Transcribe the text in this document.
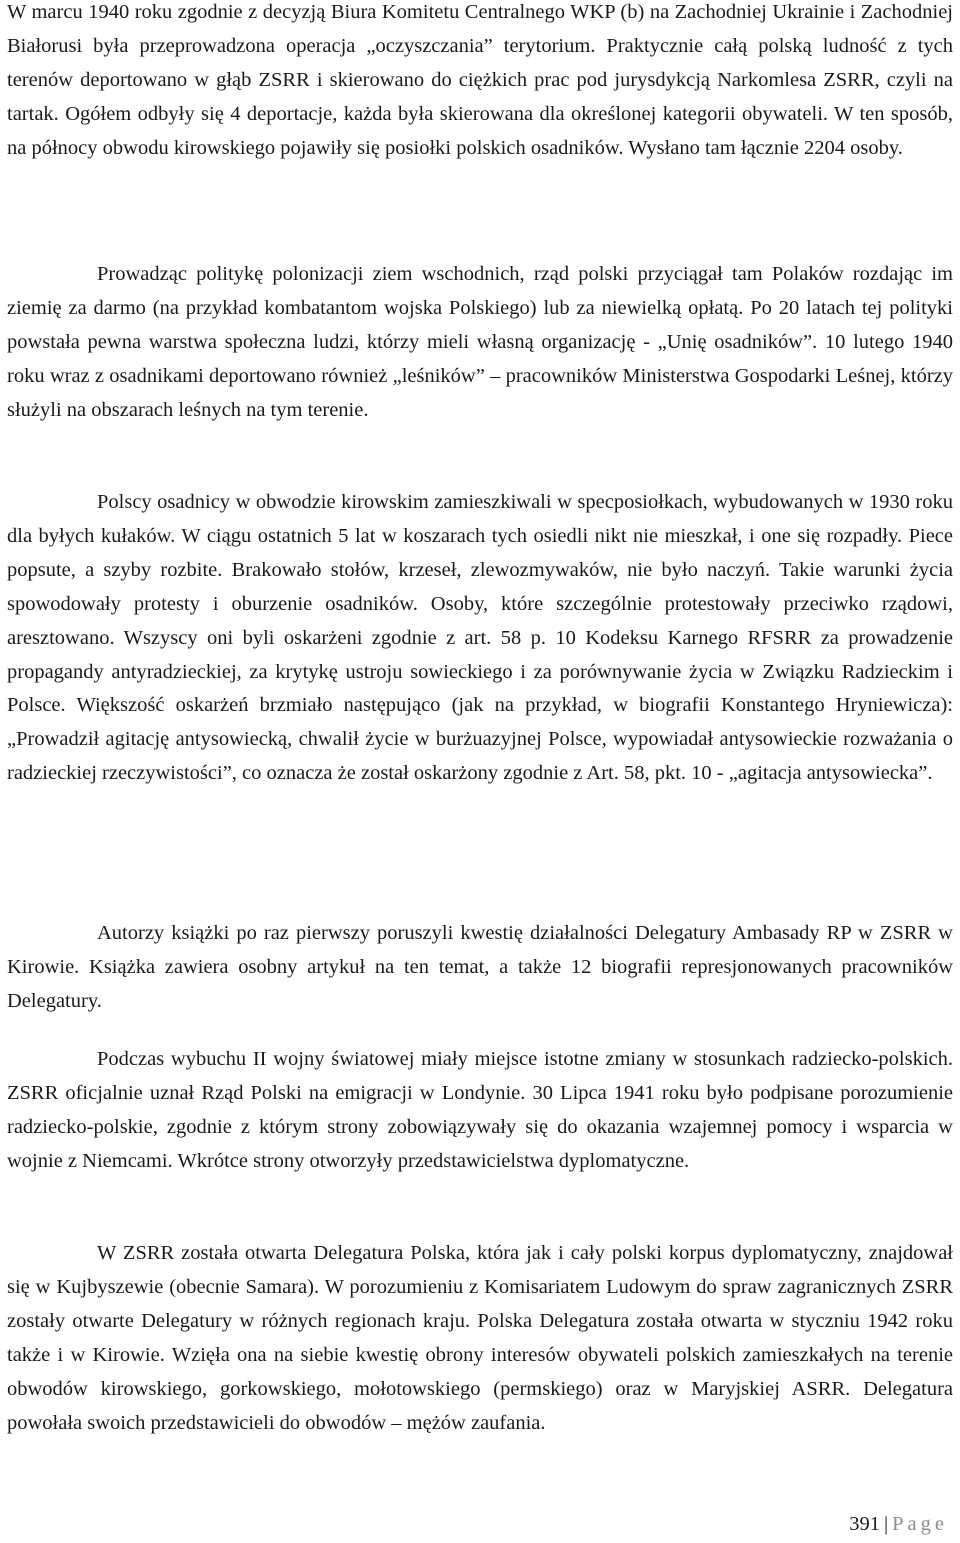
W marcu 1940 roku zgodnie z decyzją Biura Komitetu Centralnego WKP (b) na Zachodniej Ukrainie i Zachodniej Białorusi była przeprowadzona operacja „oczyszczania” terytorium. Praktycznie całą polską ludność z tych terenów deportowano w głąb ZSRR i skierowano do ciężkich prac pod jurysdykcją Narkomlesa ZSRR, czyli na tartak. Ogółem odbyły się 4 deportacje, każda była skierowana dla określonej kategorii obywateli. W ten sposób, na północy obwodu kirowskiego pojawiły się posiołki polskich osadników. Wysłano tam łącznie 2204 osoby.

Prowadząc politykę polonizacji ziem wschodnich, rząd polski przyciągał tam Polaków rozdając im ziemię za darmo (na przykład kombatantom wojska Polskiego) lub za niewielką opłatą. Po 20 latach tej polityki powstała pewna warstwa społeczna ludzi, którzy mieli własną organizację - „Unię osadników”. 10 lutego 1940 roku wraz z osadnikami deportowano również „leśników” – pracowników Ministerstwa Gospodarki Leśnej, którzy służyli na obszarach leśnych na tym terenie.

Polscy osadnicy w obwodzie kirowskim zamieszkiwali w specposiołkach, wybudowanych w 1930 roku dla byłych kułaków. W ciągu ostatnich 5 lat w koszarach tych osiedli nikt nie mieszkał, i one się rozpadły. Piece popsute, a szyby rozbite. Brakowało stołów, krzeseł, zlewozmywaków, nie było naczyń. Takie warunki życia spowodowały protesty i oburzenie osadników. Osoby, które szczególnie protestowały przeciwko rządowi, aresztowano. Wszyscy oni byli oskarżeni zgodnie z art. 58 p. 10 Kodeksu Karnego RFSRR za prowadzenie propagandy antyradzieckiej, za krytykę ustroju sowieckiego i za porównywanie życia w Związku Radzieckim i Polsce. Większość oskarżeń brzmiało następująco (jak na przykład, w biografii Konstantego Hryniewicza): „Prowadził agitację antysowiecką, chwalił życie w burżuazyjnej Polsce, wypowiadał antysowieckie rozważania o radzieckiej rzeczywistości”, co oznacza że został oskarżony zgodnie z Art. 58, pkt. 10 - „agitacja antysowiecka”.

Autorzy książki po raz pierwszy poruszyli kwestię działalności Delegatury Ambasady RP w ZSRR w Kirowie. Książka zawiera osobny artykuł na ten temat, a także 12 biografii represjonowanych pracowników Delegatury.

Podczas wybuchu II wojny światowej miały miejsce istotne zmiany w stosunkach radziecko-polskich. ZSRR oficjalnie uznał Rząd Polski na emigracji w Londynie. 30 Lipca 1941 roku było podpisane porozumienie radziecko-polskie, zgodnie z którym strony zobowiązywały się do okazania wzajemnej pomocy i wsparcia w wojnie z Niemcami. Wkrótce strony otworzyły przedstawicielstwa dyplomatyczne.

W ZSRR została otwarta Delegatura Polska, która jak i cały polski korpus dyplomatyczny, znajdował się w Kujbyszewie (obecnie Samara). W porozumieniu z Komisariatem Ludowym do spraw zagranicznych ZSRR zostały otwarte Delegatury w różnych regionach kraju. Polska Delegatura została otwarta w styczniu 1942 roku także i w Kirowie. Wzięła ona na siebie kwestię obrony interesów obywateli polskich zamieszkałych na terenie obwodów kirowskiego, gorkowskiego, mołotowskiego (permskiego) oraz w Maryjskiej ASRR. Delegatura powołała swoich przedstawicieli do obwodów – mężów zaufania.

391 | Page
